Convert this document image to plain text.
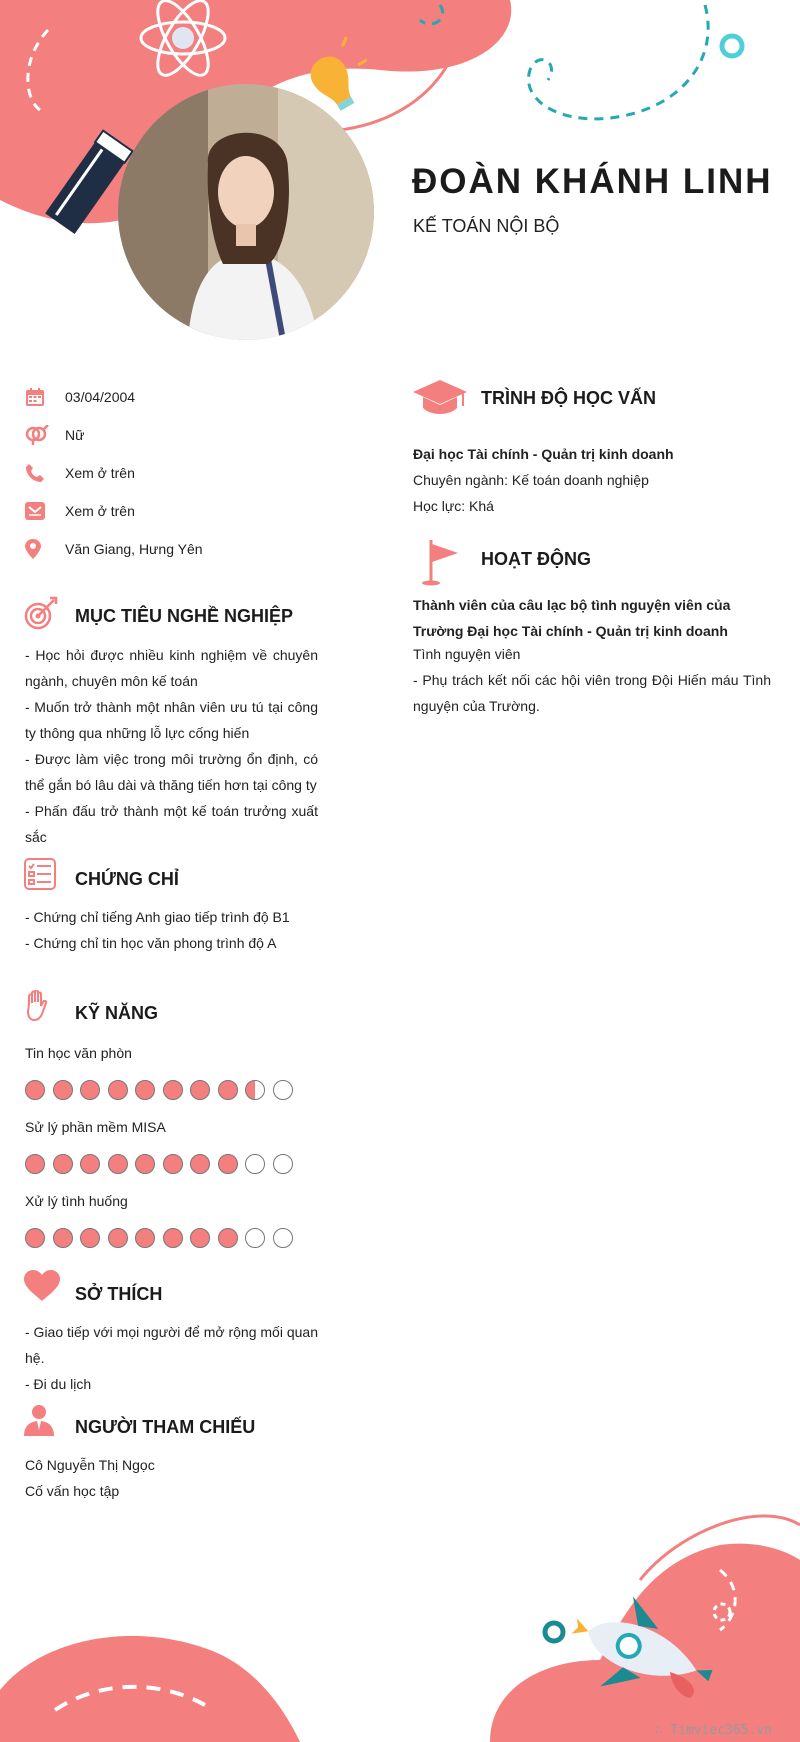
ĐOÀN KHÁNH LINH
KẾ TOÁN NỘI BỘ
03/04/2004
Nữ
Xem ở trên
Xem ở trên
Văn Giang, Hưng Yên
MỤC TIÊU NGHỀ NGHIỆP
- Học hỏi được nhiều kinh nghiệm về chuyên ngành, chuyên môn kế toán
- Muốn trở thành một nhân viên ưu tú tại công ty thông qua những lỗ lực cống hiến
- Được làm việc trong môi trường ổn định, có thể gắn bó lâu dài và thăng tiến hơn tại công ty
- Phấn đấu trở thành một kế toán trưởng xuất sắc
CHỨNG CHỈ
- Chứng chỉ tiếng Anh giao tiếp trình độ B1
- Chứng chỉ tin học văn phong trình độ A
KỸ NĂNG
Tin học văn phòn
Sử lý phần mềm MISA
Xử lý tình huống
SỞ THÍCH
- Giao tiếp với mọi người để mở rộng mối quan hệ.
- Đi du lịch
NGƯỜI THAM CHIẾU
Cô Nguyễn Thị Ngọc
Cố vấn học tập
TRÌNH ĐỘ HỌC VẤN
Đại học Tài chính - Quản trị kinh doanh
Chuyên ngành: Kế toán doanh nghiệp
Học lực: Khá
HOẠT ĐỘNG
Thành viên của câu lạc bộ tình nguyện viên của Trường Đại học Tài chính - Quản trị kinh doanh
Tình nguyện viên
- Phụ trách kết nối các hội viên trong Đội Hiến máu Tình nguyện của Trường.
∴ Timviec365.vn
